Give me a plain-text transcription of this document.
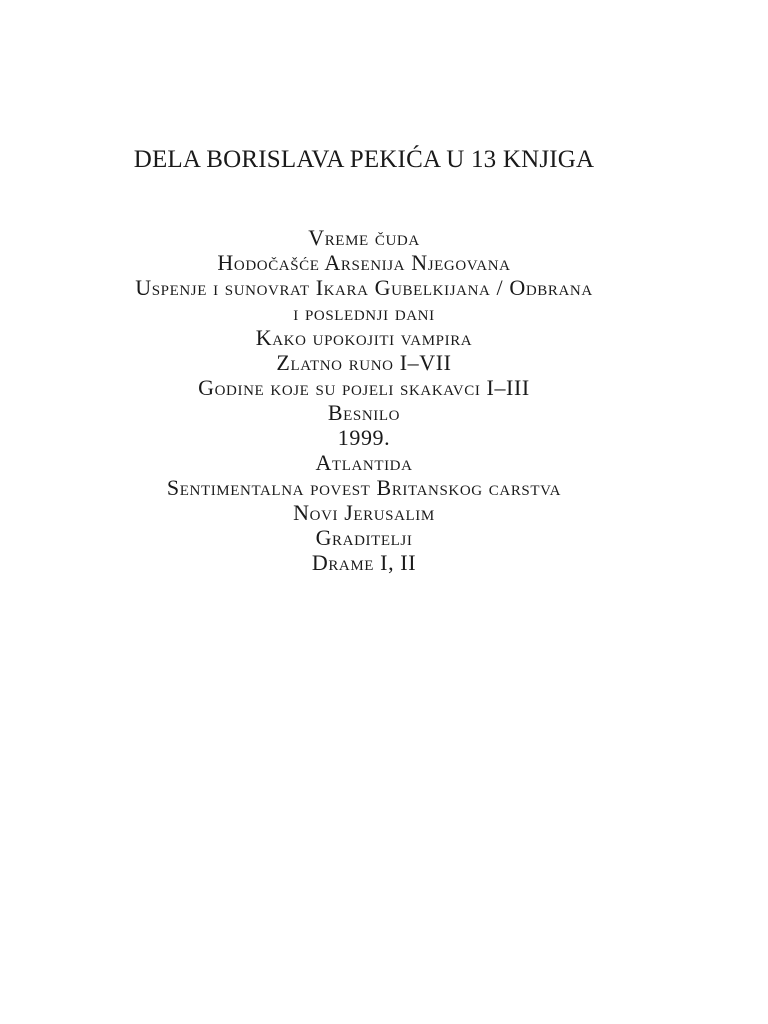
DELA BORISLAVA PEKIĆA U 13 KNJIGA
Vreme čuda
Hodočašće Arsenija Njegovana
Uspenje i sunovrat Ikara Gubelkijana / Odbrana
i poslednji dani
Kako upokojiti vampira
Zlatno runo I–VII
Godine koje su pojeli skakavci I–III
Besnilo
1999.
Atlantida
Sentimentalna povest Britanskog carstva
Novi Jerusalim
Graditelji
Drame I, II
